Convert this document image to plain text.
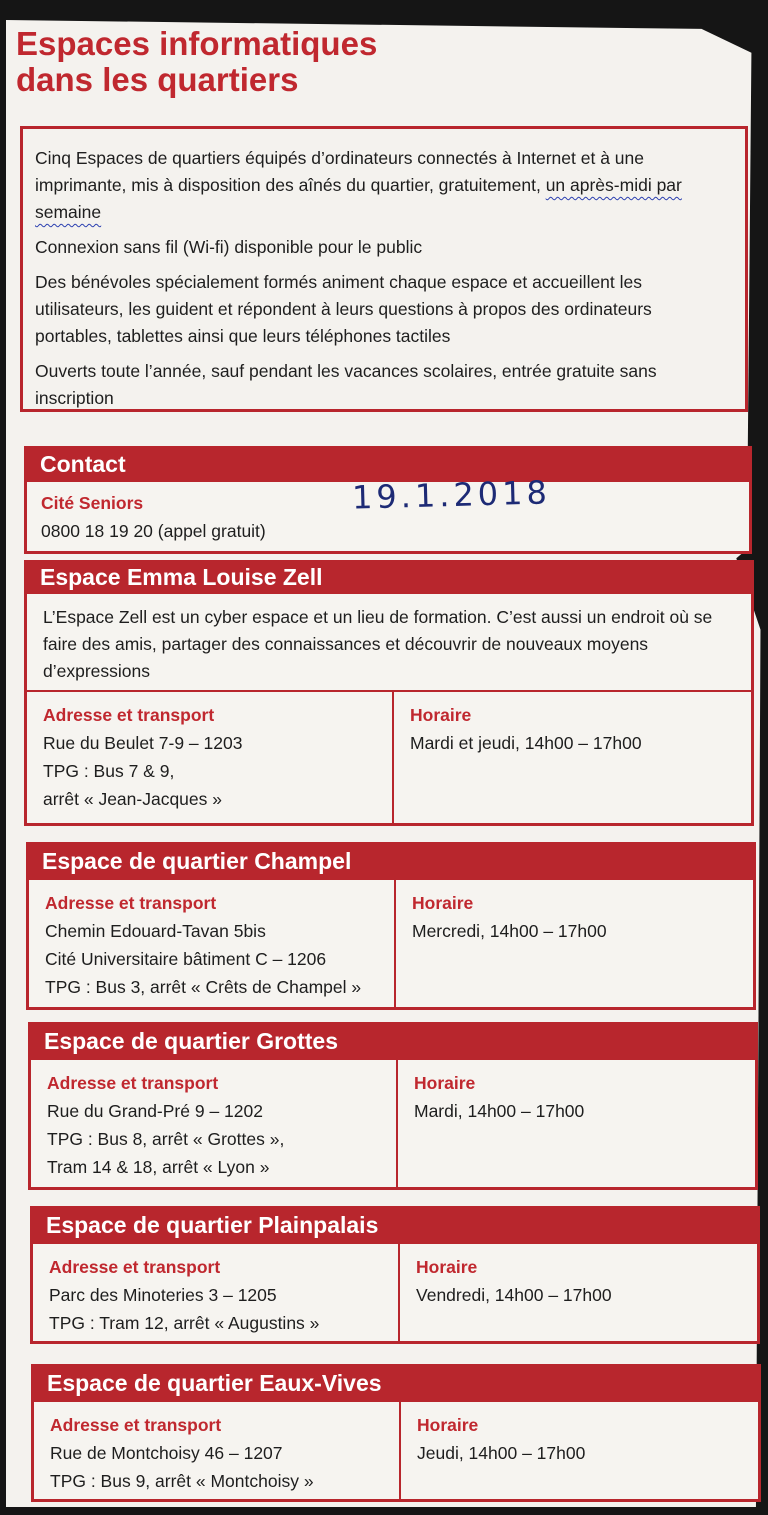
Espaces informatiques
dans les quartiers

Cinq Espaces de quartiers équipés d’ordinateurs connectés à Internet et à une imprimante, mis à disposition des aînés du quartier, gratuitement, un après-midi par semaine

Connexion sans fil (Wi-fi) disponible pour le public

Des bénévoles spécialement formés animent chaque espace et accueillent les utilisateurs, les guident et répondent à leurs questions à propos des ordinateurs portables, tablettes ainsi que leurs téléphones tactiles

Ouverts toute l’année, sauf pendant les vacances scolaires, entrée gratuite sans inscription

Contact
Cité Seniors
0800 18 19 20 (appel gratuit)
19.1.2018
Espace Emma Louise Zell
L’Espace Zell est un cyber espace et un lieu de formation. C’est aussi un endroit où se faire des amis, partager des connaissances et découvrir de nouveaux moyens d’expressions
Adresse et transport
Rue du Beulet 7-9 – 1203
TPG : Bus 7 & 9,
arrêt « Jean-Jacques »
Horaire
Mardi et jeudi, 14h00 – 17h00
Espace de quartier Champel
Adresse et transport
Chemin Edouard-Tavan 5bis
Cité Universitaire bâtiment C – 1206
TPG : Bus 3, arrêt « Crêts de Champel »
Horaire
Mercredi, 14h00 – 17h00
Espace de quartier Grottes
Adresse et transport
Rue du Grand-Pré 9 – 1202
TPG : Bus 8, arrêt « Grottes »,
Tram 14 & 18, arrêt « Lyon »
Horaire
Mardi, 14h00 – 17h00
Espace de quartier Plainpalais
Adresse et transport
Parc des Minoteries 3 – 1205
TPG : Tram 12, arrêt « Augustins »
Horaire
Vendredi, 14h00 – 17h00
Espace de quartier Eaux-Vives
Adresse et transport
Rue de Montchoisy 46 – 1207
TPG : Bus 9, arrêt « Montchoisy »
Horaire
Jeudi, 14h00 – 17h00
